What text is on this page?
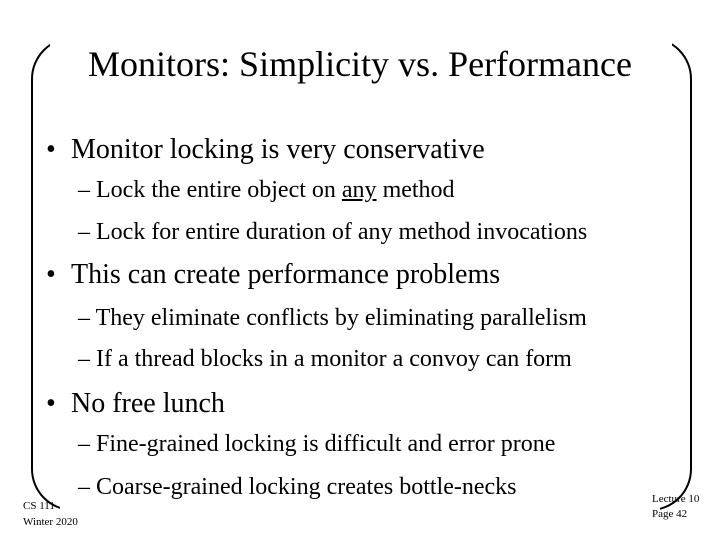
Monitors: Simplicity vs. Performance
• Monitor locking is very conservative
– Lock the entire object on any method
– Lock for entire duration of any method invocations
• This can create performance problems
– They eliminate conflicts by eliminating parallelism
– If a thread blocks in a monitor a convoy can form
• No free lunch
– Fine-grained locking is difficult and error prone
– Coarse-grained locking creates bottle-necks
CS 111
Winter 2020
Lecture 10
Page 42
